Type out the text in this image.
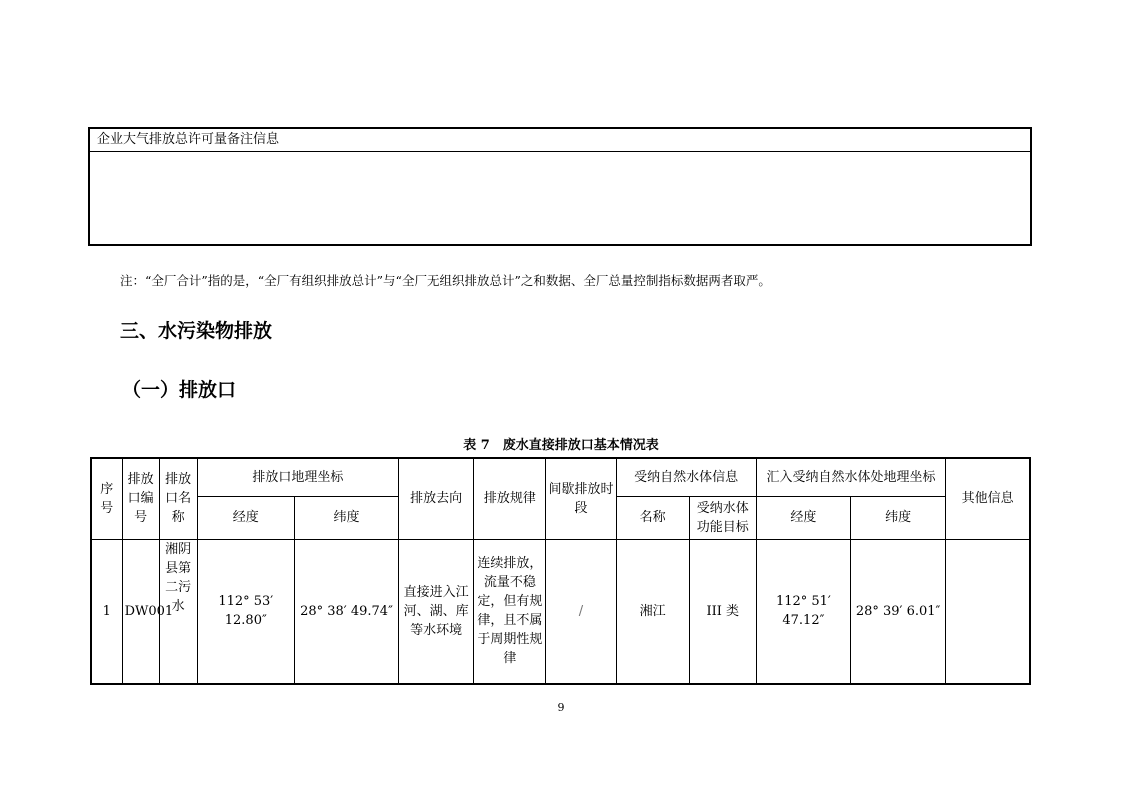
企业大气排放总许可量备注信息
注：“全厂合计”指的是，“全厂有组织排放总计”与“全厂无组织排放总计”之和数据、全厂总量控制指标数据两者取严。
三、水污染物排放
（一）排放口
表 7　废水直接排放口基本情况表
序号	排放口编号	排放口名称	排放口地理坐标		排放去向	排放规律	间歇排放时段	受纳自然水体信息		汇入受纳自然水体处地理坐标		其他信息
			经度	纬度				名称	受纳水体功能目标	经度	纬度	
1	DW001	湘阴县第二污水	112° 53′ 12.80″	28° 38′ 49.74″	直接进入江河、湖、库等水环境	连续排放，流量不稳定，但有规律，且不属于周期性规律	/	湘江	III 类	112° 51′ 47.12″	28° 39′ 6.01″	
9
